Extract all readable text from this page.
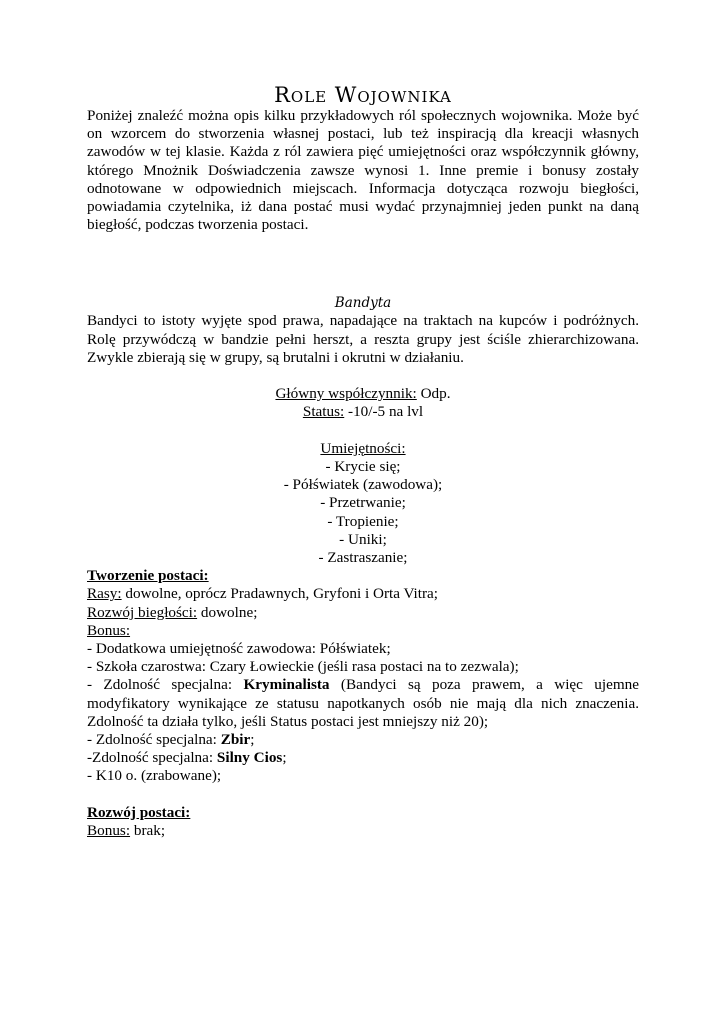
Role Wojownika

Poniżej znaleźć można opis kilku przykładowych ról społecznych wojownika. Może być on wzorcem do stworzenia własnej postaci, lub też inspiracją dla kreacji własnych zawodów w tej klasie. Każda z ról zawiera pięć umiejętności oraz współczynnik główny, którego Mnożnik Doświadczenia zawsze wynosi 1. Inne premie i bonusy zostały odnotowane w odpowiednich miejscach. Informacja dotycząca rozwoju biegłości, powiadamia czytelnika, iż dana postać musi wydać przynajmniej jeden punkt na daną biegłość, podczas tworzenia postaci.

Bandyta

Bandyci to istoty wyjęte spod prawa, napadające na traktach na kupców i podróżnych. Rolę przywódczą w bandzie pełni herszt, a reszta grupy jest ściśle zhierarchizowana. Zwykle zbierają się w grupy, są brutalni i okrutni w działaniu.

Główny współczynnik: Odp.

Status: -10/-5 na lvl

Umiejętności:

- Krycie się;

- Półświatek (zawodowa);

- Przetrwanie;

- Tropienie;

- Uniki;

- Zastraszanie;

Tworzenie postaci:

Rasy: dowolne, oprócz Pradawnych, Gryfoni i Orta Vitra;

Rozwój biegłości: dowolne;

Bonus:

- Dodatkowa umiejętność zawodowa: Półświatek;

- Szkoła czarostwa: Czary Łowieckie (jeśli rasa postaci na to zezwala);

- Zdolność specjalna: Kryminalista (Bandyci są poza prawem, a więc ujemne modyfikatory wynikające ze statusu napotkanych osób nie mają dla nich znaczenia. Zdolność ta działa tylko, jeśli Status postaci jest mniejszy niż 20);

- Zdolność specjalna: Zbir;

-Zdolność specjalna: Silny Cios;

- K10 o. (zrabowane);

Rozwój postaci:

Bonus: brak;
